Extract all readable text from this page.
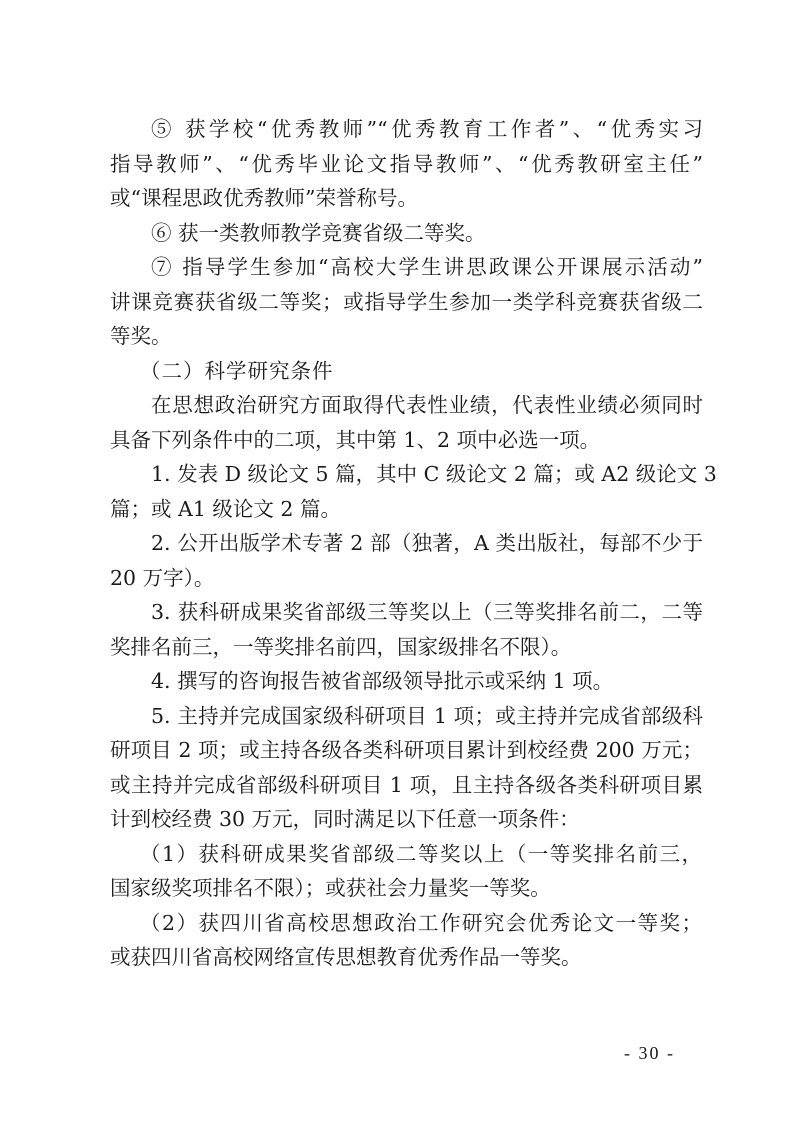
⑤ 获学校“优秀教师”“优秀教育工作者”、“优秀实习
指导教师”、“优秀毕业论文指导教师”、“优秀教研室主任”
或“课程思政优秀教师”荣誉称号。
⑥ 获一类教师教学竞赛省级二等奖。
⑦ 指导学生参加“高校大学生讲思政课公开课展示活动”
讲课竞赛获省级二等奖；或指导学生参加一类学科竞赛获省级二
等奖。
（二）科学研究条件
在思想政治研究方面取得代表性业绩，代表性业绩必须同时
具备下列条件中的二项，其中第 1、2 项中必选一项。
1. 发表 D 级论文 5 篇，其中 C 级论文 2 篇；或 A2 级论文 3
篇；或 A1 级论文 2 篇。
2. 公开出版学术专著 2 部（独著，A 类出版社，每部不少于
20 万字）。
3. 获科研成果奖省部级三等奖以上（三等奖排名前二，二等
奖排名前三，一等奖排名前四，国家级排名不限）。
4. 撰写的咨询报告被省部级领导批示或采纳 1 项。
5. 主持并完成国家级科研项目 1 项；或主持并完成省部级科
研项目 2 项；或主持各级各类科研项目累计到校经费 200 万元；
或主持并完成省部级科研项目 1 项，且主持各级各类科研项目累
计到校经费 30 万元，同时满足以下任意一项条件：
（1）获科研成果奖省部级二等奖以上（一等奖排名前三，
国家级奖项排名不限）；或获社会力量奖一等奖。
（2）获四川省高校思想政治工作研究会优秀论文一等奖；
或获四川省高校网络宣传思想教育优秀作品一等奖。
- 30 -
